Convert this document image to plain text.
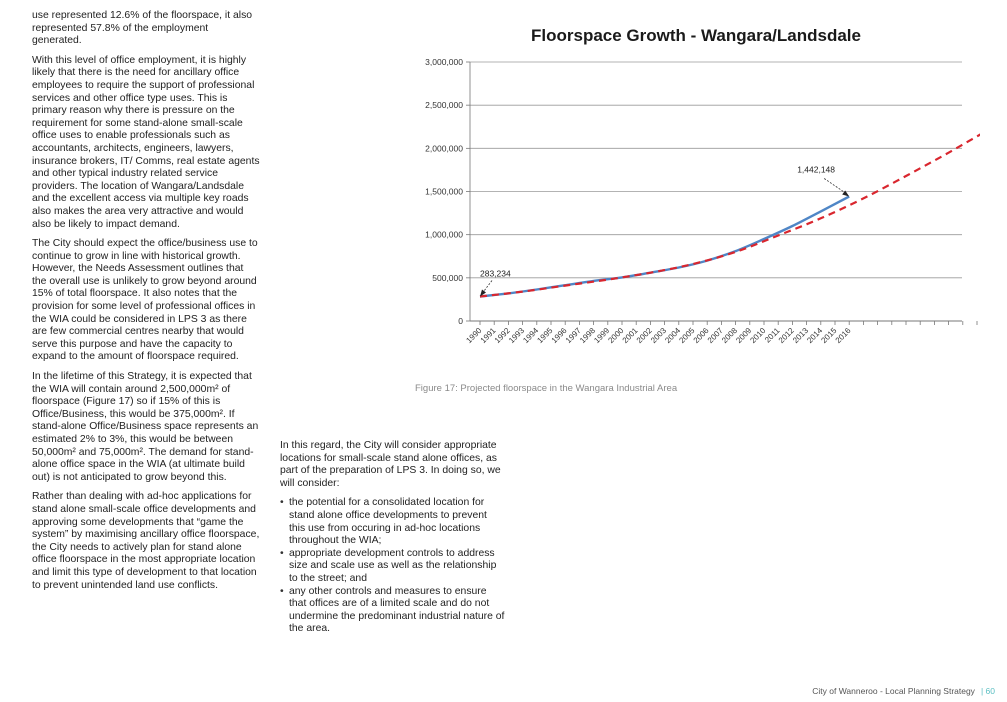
use represented 12.6% of the floorspace, it also represented 57.8% of the employment generated.

With this level of office employment, it is highly likely that there is the need for ancillary office employees to require the support of professional services and other office type uses. This is primary reason why there is pressure on the requirement for some stand-alone small-scale office uses to enable professionals such as accountants, architects, engineers, lawyers, insurance brokers, IT/ Comms, real estate agents and other typical industry related service providers. The location of Wangara/Landsdale and the excellent access via multiple key roads also makes the area very attractive and would also be likely to impact demand.

The City should expect the office/business use to continue to grow in line with historical growth. However, the Needs Assessment outlines that the overall use is unlikely to grow beyond around 15% of total floorspace. It also notes that the provision for some level of professional offices in the WIA could be considered in LPS 3 as there are few commercial centres nearby that would serve this purpose and have the capacity to expand to the amount of floorspace required.

In the lifetime of this Strategy, it is expected that the WIA will contain around 2,500,000m² of floorspace (Figure 17) so if 15% of this is Office/Business, this would be 375,000m². If stand-alone Office/Business space represents an estimated 2% to 3%, this would be between 50,000m² and 75,000m². The demand for stand-alone office space in the WIA (at ultimate build out) is not anticipated to grow beyond this.

Rather than dealing with ad-hoc applications for stand alone small-scale office developments and approving some developments that “game the system” by maximising ancillary office floorspace, the City needs to actively plan for stand alone office floorspace in the most appropriate location and limit this type of development to that location to prevent unintended land use conflicts.

Floorspace Growth - Wangara/Landsdale
0
500,000
1,000,000
1,500,000
2,000,000
2,500,000
3,000,000
1990
1991
1992
1993
1994
1995
1996
1997
1998
1999
2000
2001
2002
2003
2004
2005
2006
2007
2008
2009
2010
2011
2012
2013
2014
2015
2016
283,234
1,442,148
Figure 17: Projected floorspace in the Wangara Industrial Area

In this regard, the City will consider appropriate locations for small-scale stand alone offices, as part of the preparation of LPS 3. In doing so, we will consider:

• the potential for a consolidated location for stand alone office developments to prevent this use from occuring in ad-hoc locations throughout the WIA;
• appropriate development controls to address size and scale use as well as the relationship to the street; and
• any other controls and measures to ensure that offices are of a limited scale and do not undermine the predominant industrial nature of the area.
City of Wanneroo - Local Planning Strategy | 60
